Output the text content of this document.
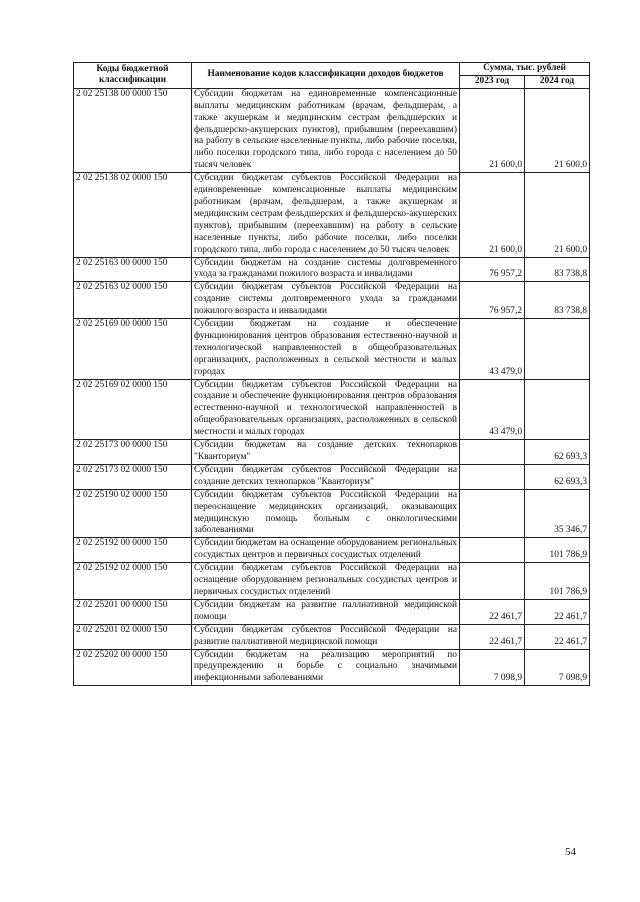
Коды бюджетной классификации	Наименование кодов классификации доходов бюджетов	Сумма, тыс. рублей	
		2023 год	2024 год
2 02 25138 00 0000 150	Субсидии бюджетам на единовременные компенсационные выплаты медицинским работникам (врачам, фельдшерам, а также акушеркам и медицинским сестрам фельдшерских и фельдшерско-акушерских пунктов), прибывшим (переехавшим) на работу в сельские населенные пункты, либо рабочие поселки, либо поселки городского типа, либо города с населением до 50 тысяч человек	21 600,0	21 600,0
2 02 25138 02 0000 150	Субсидии бюджетам субъектов Российской Федерации на единовременные компенсационные выплаты медицинским работникам (врачам, фельдшерам, а также акушеркам и медицинским сестрам фельдшерских и фельдшерско-акушерских пунктов), прибывшим (переехавшим) на работу в сельские населенные пункты, либо рабочие поселки, либо поселки городского типа, либо города с населением до 50 тысяч человек	21 600,0	21 600,0
2 02 25163 00 0000 150	Субсидии бюджетам на создание системы долговременного ухода за гражданами пожилого возраста и инвалидами	76 957,2	83 738,8
2 02 25163 02 0000 150	Субсидии бюджетам субъектов Российской Федерации на создание системы долговременного ухода за гражданами пожилого возраста и инвалидами	76 957,2	83 738,8
2 02 25169 00 0000 150	Субсидии бюджетам на создание и обеспечение функционирования центров образования естественно-научной и технологической направленностей в общеобразовательных организациях, расположенных в сельской местности и малых городах	43 479,0	
2 02 25169 02 0000 150	Субсидии бюджетам субъектов Российской Федерации на создание и обеспечение функционирования центров образования естественно-научной и технологической направленностей в общеобразовательных организациях, расположенных в сельской местности и малых городах	43 479,0	
2 02 25173 00 0000 150	Субсидии бюджетам на создание детских технопарков "Кванториум"		62 693,3
2 02 25173 02 0000 150	Субсидии бюджетам субъектов Российской Федерации на создание детских технопарков "Кванториум"		62 693,3
2 02 25190 02 0000 150	Субсидии бюджетам субъектов Российской Федерации на переоснащение медицинских организаций, оказывающих медицинскую помощь больным с онкологическими заболеваниями		35 346,7
2 02 25192 00 0000 150	Субсидии бюджетам на оснащение оборудованием региональных сосудистых центров и первичных сосудистых отделений		101 786,9
2 02 25192 02 0000 150	Субсидии бюджетам субъектов Российской Федерации на оснащение оборудованием региональных сосудистых центров и первичных сосудистых отделений		101 786,9
2 02 25201 00 0000 150	Субсидии бюджетам на развитие паллиативной медицинской помощи	22 461,7	22 461,7
2 02 25201 02 0000 150	Субсидии бюджетам субъектов Российской Федерации на развитие паллиативной медицинской помощи	22 461,7	22 461,7
2 02 25202 00 0000 150	Субсидии бюджетам на реализацию мероприятий по предупреждению и борьбе с социально значимыми инфекционными заболеваниями	7 098,9	7 098,9
54
